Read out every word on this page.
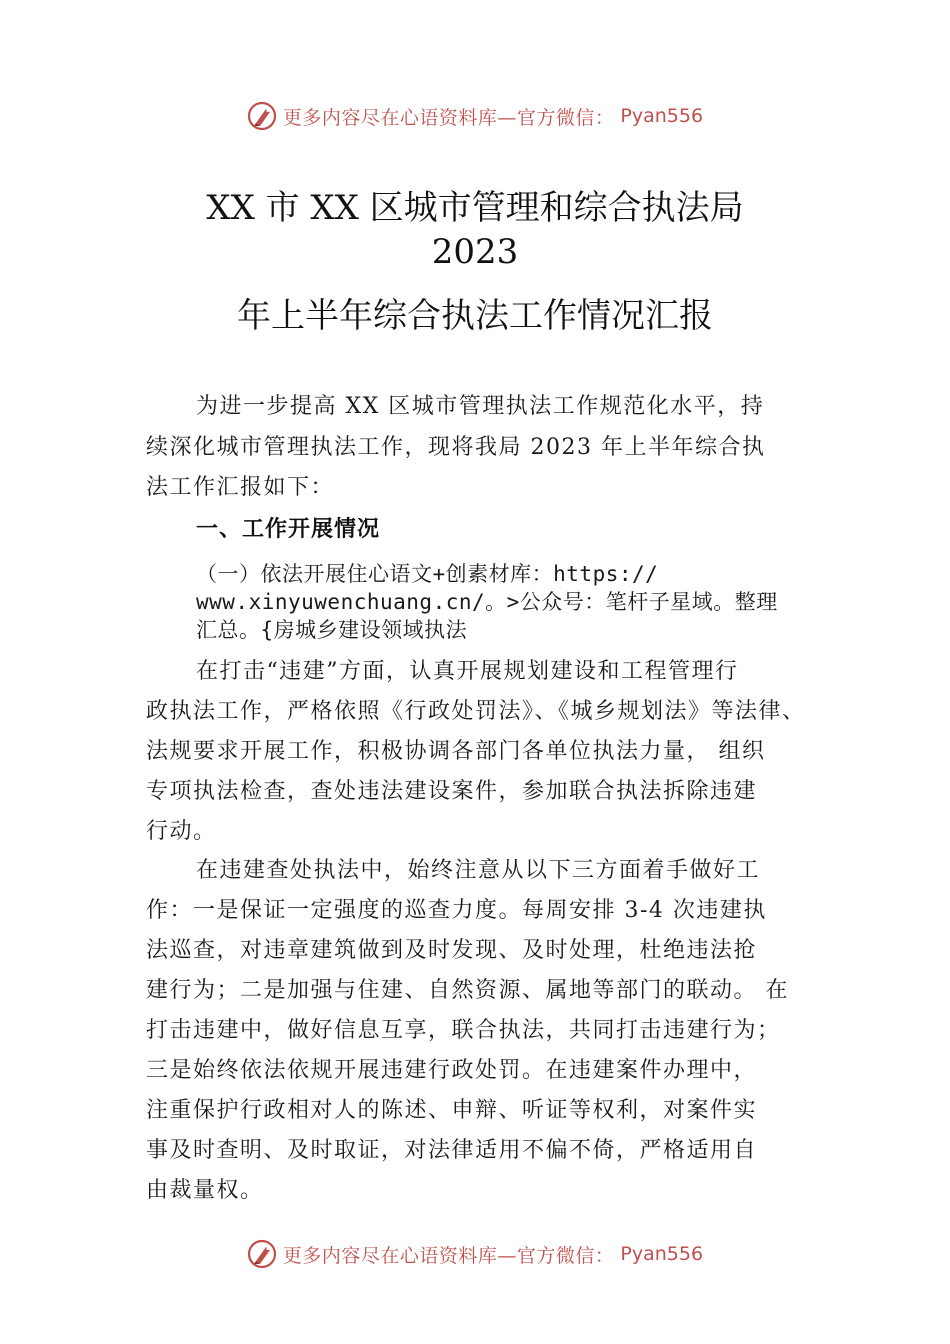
更多内容尽在心语资料库—官方微信： Pyan556
XX 市 XX 区城市管理和综合执法局
2023
年上半年综合执法工作情况汇报
为进一步提高 XX 区城市管理执法工作规范化水平，持
续深化城市管理执法工作，现将我局 2023 年上半年综合执
法工作汇报如下：
一、工作开展情况
（一）依法开展住心语文+创素材库：https://
www.xinyuwenchuang.cn/。>公众号：笔杆子星域。整理
汇总。{房城乡建设领域执法
在打击“违建”方面，认真开展规划建设和工程管理行
政执法工作，严格依照《行政处罚法》、《城乡规划法》等法律、
法规要求开展工作，积极协调各部门各单位执法力量， 组织
专项执法检查，查处违法建设案件，参加联合执法拆除违建
行动。
在违建查处执法中，始终注意从以下三方面着手做好工
作：一是保证一定强度的巡查力度。每周安排 3-4 次违建执
法巡查，对违章建筑做到及时发现、及时处理，杜绝违法抢
建行为；二是加强与住建、自然资源、属地等部门的联动。 在
打击违建中，做好信息互享，联合执法，共同打击违建行为；
三是始终依法依规开展违建行政处罚。在违建案件办理中，
注重保护行政相对人的陈述、申辩、听证等权利，对案件实
事及时查明、及时取证，对法律适用不偏不倚，严格适用自
由裁量权。
更多内容尽在心语资料库—官方微信： Pyan556
